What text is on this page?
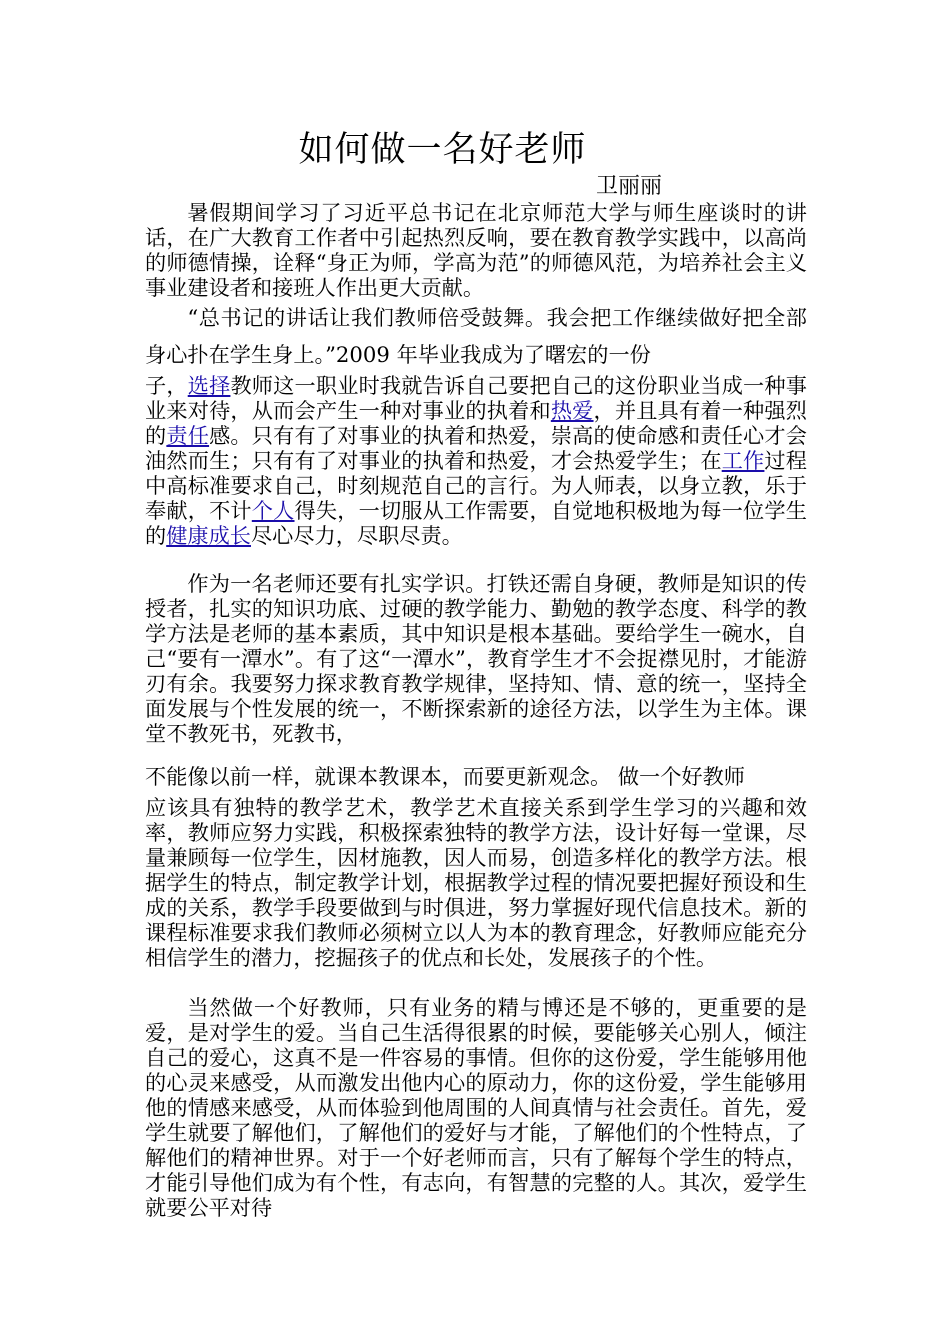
如何做一名好老师
卫丽丽

暑假期间学习了习近平总书记在北京师范大学与师生座谈时的讲话，在广大教育工作者中引起热烈反响，要在教育教学实践中，以高尚的师德情操，诠释“身正为师，学高为范”的师德风范，为培养社会主义事业建设者和接班人作出更大贡献。

“总书记的讲话让我们教师倍受鼓舞。我会把工作继续做好把全部身心扑在学生身上。”2009 年毕业我成为了曙宏的一份

子，选择教师这一职业时我就告诉自己要把自己的这份职业当成一种事业来对待，从而会产生一种对事业的执着和热爱，并且具有着一种强烈的责任感。只有有了对事业的执着和热爱，崇高的使命感和责任心才会油然而生；只有有了对事业的执着和热爱，才会热爱学生；在工作过程中高标准要求自己，时刻规范自己的言行。为人师表，以身立教，乐于奉献，不计个人得失，一切服从工作需要，自觉地积极地为每一位学生的健康成长尽心尽力，尽职尽责。

作为一名老师还要有扎实学识。打铁还需自身硬，教师是知识的传授者，扎实的知识功底、过硬的教学能力、勤勉的教学态度、科学的教学方法是老师的基本素质，其中知识是根本基础。要给学生一碗水，自己“要有一潭水”。有了这“一潭水”，教育学生才不会捉襟见肘，才能游刃有余。我要努力探求教育教学规律，坚持知、情、意的统一，坚持全面发展与个性发展的统一，不断探索新的途径方法，以学生为主体。课堂不教死书，死教书，

不能像以前一样，就课本教课本，而要更新观念。 做一个好教师

应该具有独特的教学艺术，教学艺术直接关系到学生学习的兴趣和效率，教师应努力实践，积极探索独特的教学方法，设计好每一堂课，尽量兼顾每一位学生，因材施教，因人而易，创造多样化的教学方法。根据学生的特点，制定教学计划，根据教学过程的情况要把握好预设和生成的关系，教学手段要做到与时俱进，努力掌握好现代信息技术。新的课程标准要求我们教师必须树立以人为本的教育理念，好教师应能充分相信学生的潜力，挖掘孩子的优点和长处，发展孩子的个性。

当然做一个好教师，只有业务的精与博还是不够的，更重要的是爱，是对学生的爱。当自己生活得很累的时候，要能够关心别人，倾注自己的爱心，这真不是一件容易的事情。但你的这份爱，学生能够用他的心灵来感受，从而激发出他内心的原动力，你的这份爱，学生能够用他的情感来感受，从而体验到他周围的人间真情与社会责任。首先，爱学生就要了解他们，了解他们的爱好与才能，了解他们的个性特点，了解他们的精神世界。对于一个好老师而言，只有了解每个学生的特点，才能引导他们成为有个性，有志向，有智慧的完整的人。其次，爱学生就要公平对待
